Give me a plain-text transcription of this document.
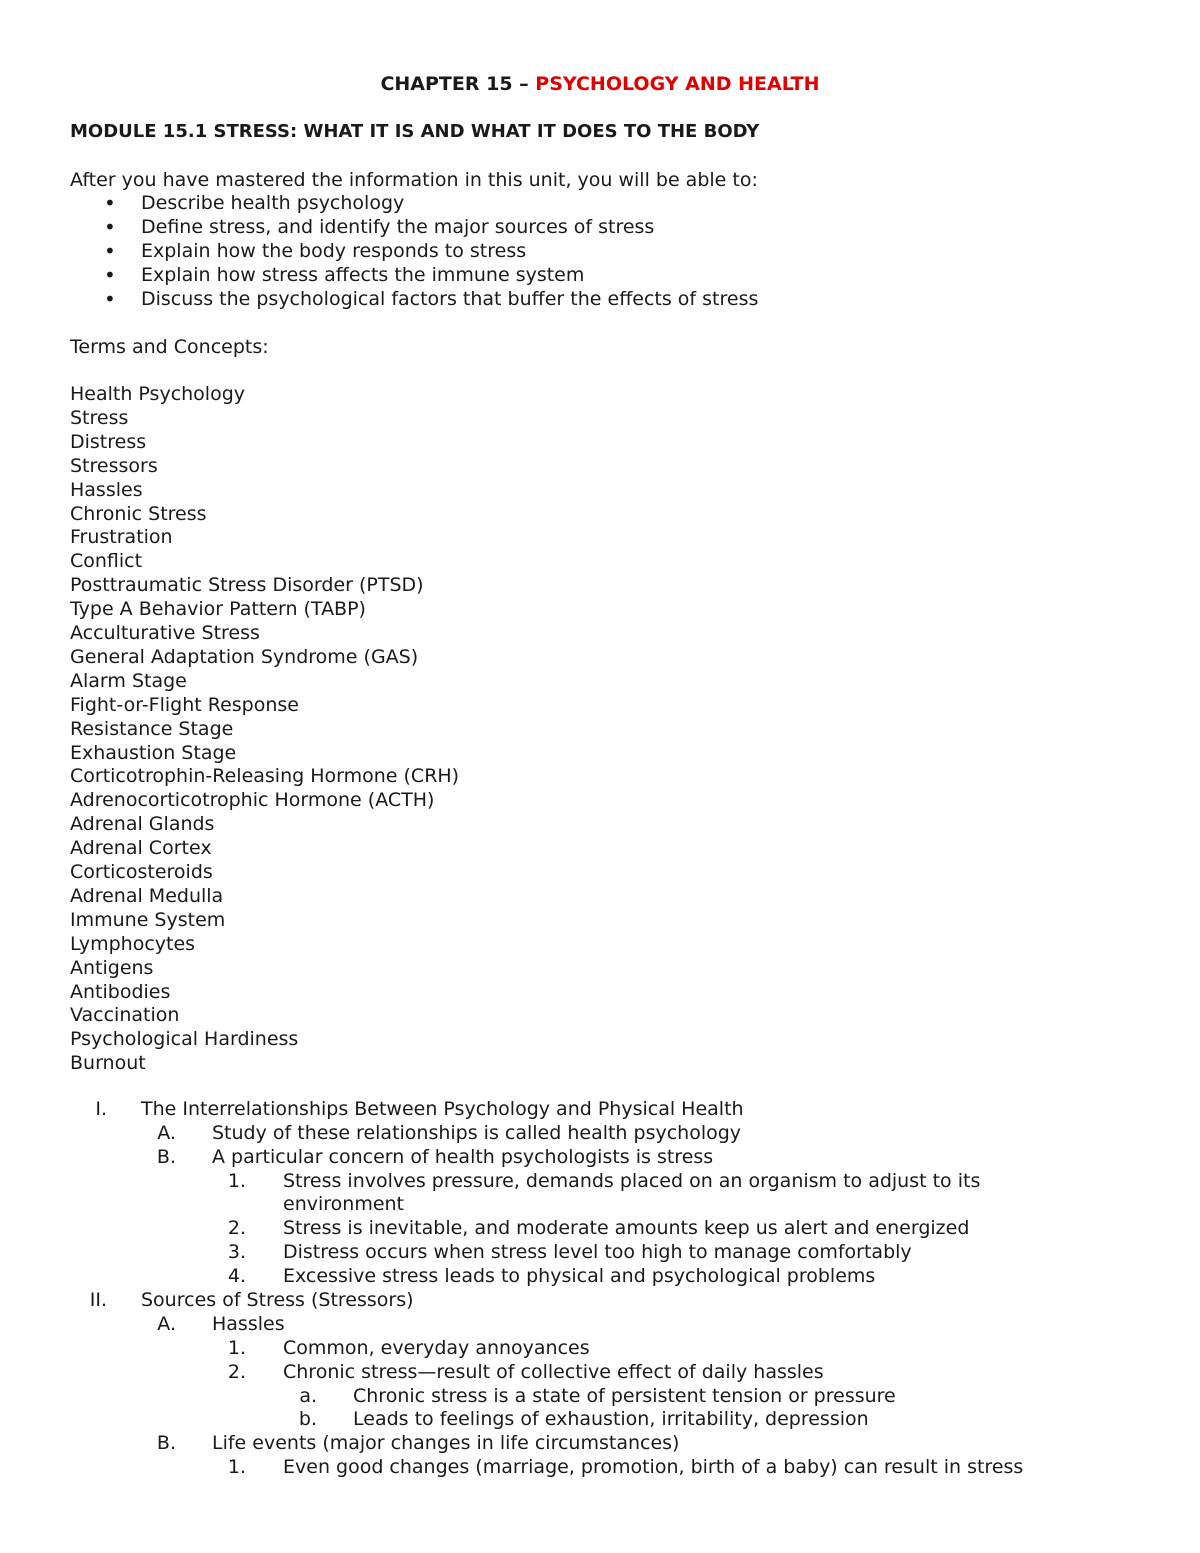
CHAPTER 15 – PSYCHOLOGY AND HEALTH
MODULE 15.1 STRESS: WHAT IT IS AND WHAT IT DOES TO THE BODY
After you have mastered the information in this unit, you will be able to:
• Describe health psychology
• Define stress, and identify the major sources of stress
• Explain how the body responds to stress
• Explain how stress affects the immune system
• Discuss the psychological factors that buffer the effects of stress
Terms and Concepts:
Health Psychology
Stress
Distress
Stressors
Hassles
Chronic Stress
Frustration
Conflict
Posttraumatic Stress Disorder (PTSD)
Type A Behavior Pattern (TABP)
Acculturative Stress
General Adaptation Syndrome (GAS)
Alarm Stage
Fight-or-Flight Response
Resistance Stage
Exhaustion Stage
Corticotrophin-Releasing Hormone (CRH)
Adrenocorticotrophic Hormone (ACTH)
Adrenal Glands
Adrenal Cortex
Corticosteroids
Adrenal Medulla
Immune System
Lymphocytes
Antigens
Antibodies
Vaccination
Psychological Hardiness
Burnout
I. The Interrelationships Between Psychology and Physical Health
A. Study of these relationships is called health psychology
B. A particular concern of health psychologists is stress
1. Stress involves pressure, demands placed on an organism to adjust to its
environment
2. Stress is inevitable, and moderate amounts keep us alert and energized
3. Distress occurs when stress level too high to manage comfortably
4. Excessive stress leads to physical and psychological problems
II. Sources of Stress (Stressors)
A. Hassles
1. Common, everyday annoyances
2. Chronic stress—result of collective effect of daily hassles
a. Chronic stress is a state of persistent tension or pressure
b. Leads to feelings of exhaustion, irritability, depression
B. Life events (major changes in life circumstances)
1. Even good changes (marriage, promotion, birth of a baby) can result in stress
